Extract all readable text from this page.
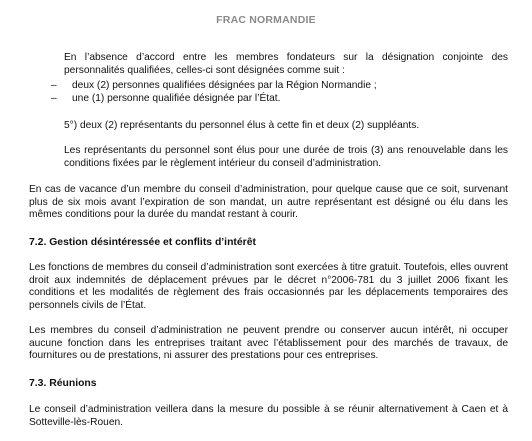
FRAC NORMANDIE

En l’absence d’accord entre les membres fondateurs sur la désignation conjointe des personnalités qualifiées, celles-ci sont désignées comme suit :

– deux (2) personnes qualifiées désignées par la Région Normandie ;
– une (1) personne qualifiée désignée par l’État.

5°) deux (2) représentants du personnel élus à cette fin et deux (2) suppléants.

Les représentants du personnel sont élus pour une durée de trois (3) ans renouvelable dans les conditions fixées par le règlement intérieur du conseil d’administration.

En cas de vacance d’un membre du conseil d’administration, pour quelque cause que ce soit, survenant plus de six mois avant l’expiration de son mandat, un autre représentant est désigné ou élu dans les mêmes conditions pour la durée du mandat restant à courir.

7.2. Gestion désintéressée et conflits d’intérêt

Les fonctions de membres du conseil d’administration sont exercées à titre gratuit. Toutefois, elles ouvrent droit aux indemnités de déplacement prévues par le décret n°2006-781 du 3 juillet 2006 fixant les conditions et les modalités de règlement des frais occasionnés par les déplacements temporaires des personnels civils de l’État.

Les membres du conseil d’administration ne peuvent prendre ou conserver aucun intérêt, ni occuper aucune fonction dans les entreprises traitant avec l’établissement pour des marchés de travaux, de fournitures ou de prestations, ni assurer des prestations pour ces entreprises.

7.3. Réunions

Le conseil d’administration veillera dans la mesure du possible à se réunir alternativement à Caen et à Sotteville-lès-Rouen.
